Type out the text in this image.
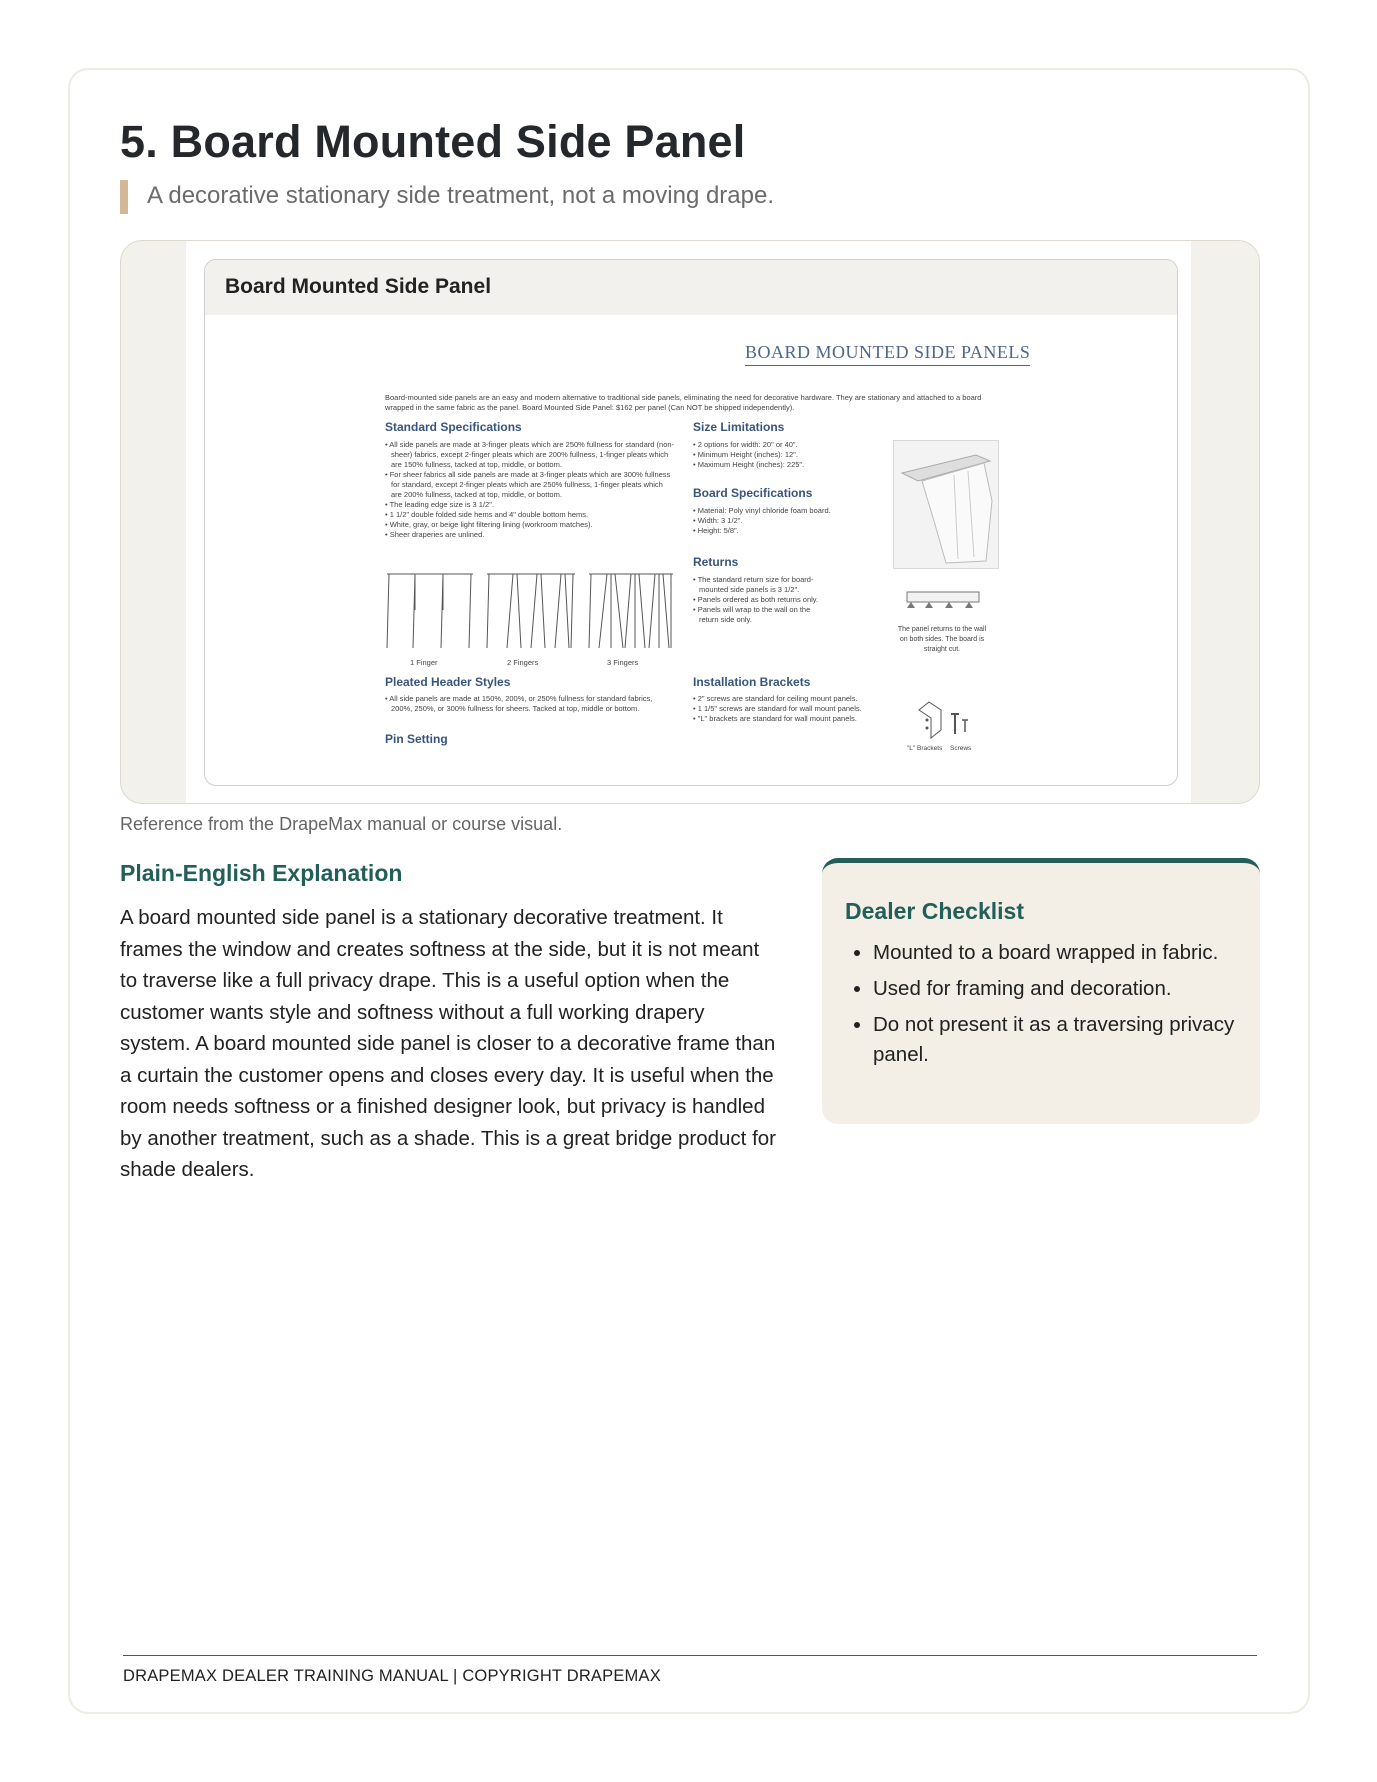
5. Board Mounted Side Panel
A decorative stationary side treatment, not a moving drape.
Board Mounted Side Panel
BOARD MOUNTED SIDE PANELS
Board-mounted side panels are an easy and modern alternative to traditional side panels, eliminating the need for decorative hardware. They are stationary and attached to a board wrapped in the same fabric as the panel. Board Mounted Side Panel: $162 per panel (Can NOT be shipped independently).
Standard Specifications
• All side panels are made at 3-finger pleats which are 250% fullness for standard (non-sheer) fabrics, except 2-finger pleats which are 200% fullness, 1-finger pleats which are 150% fullness, tacked at top, middle, or bottom.
• For sheer fabrics all side panels are made at 3-finger pleats which are 300% fullness for standard, except 2-finger pleats which are 250% fullness, 1-finger pleats which are 200% fullness, tacked at top, middle, or bottom.
• The leading edge size is 3 1/2".
• 1 1/2" double folded side hems and 4" double bottom hems.
• White, gray, or beige light filtering lining (workroom matches).
• Sheer draperies are unlined.
1 Finger	2 Fingers	3 Fingers
Pleated Header Styles
• All side panels are made at 150%, 200%, or 250% fullness for standard fabrics, 200%, 250%, or 300% fullness for sheers. Tacked at top, middle or bottom.
Pin Setting
Size Limitations
• 2 options for width: 20" or 40".
• Minimum Height (inches): 12".
• Maximum Height (inches): 225".
Board Specifications
• Material: Poly vinyl chloride foam board.
• Width: 3 1/2".
• Height: 5/8".
Returns
• The standard return size for board-mounted side panels is 3 1/2".
• Panels ordered as both returns only.
• Panels will wrap to the wall on the return side only.
The panel returns to the wall on both sides. The board is straight cut.
Installation Brackets
• 2" screws are standard for ceiling mount panels.
• 1 1/5" screws are standard for wall mount panels.
• "L" brackets are standard for wall mount panels.
"L" Brackets Screws
Reference from the DrapeMax manual or course visual.
Plain-English Explanation

A board mounted side panel is a stationary decorative treatment. It frames the window and creates softness at the side, but it is not meant to traverse like a full privacy drape. This is a useful option when the customer wants style and softness without a full working drapery system. A board mounted side panel is closer to a decorative frame than a curtain the customer opens and closes every day. It is useful when the room needs softness or a finished designer look, but privacy is handled by another treatment, such as a shade. This is a great bridge product for shade dealers.

Dealer Checklist
• Mounted to a board wrapped in fabric.
• Used for framing and decoration.
• Do not present it as a traversing privacy panel.
DRAPEMAX DEALER TRAINING MANUAL | COPYRIGHT DRAPEMAX
